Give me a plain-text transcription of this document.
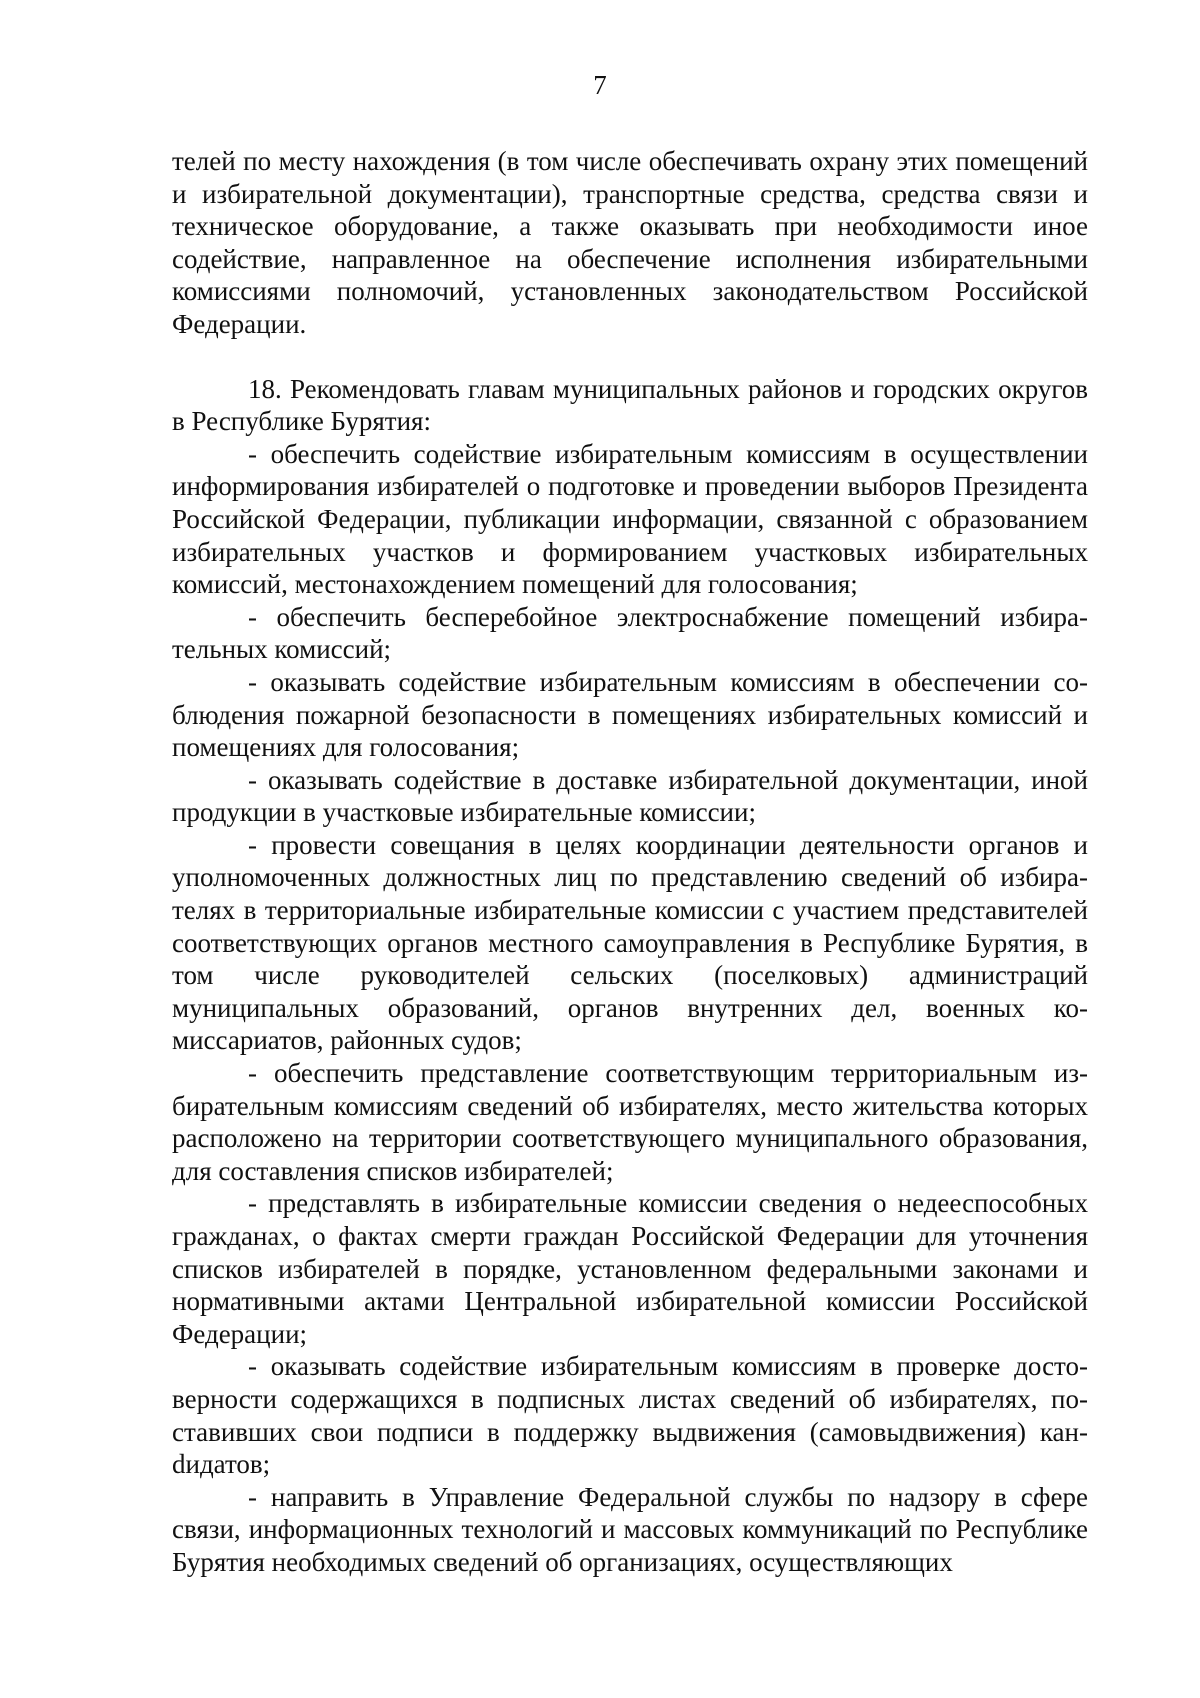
7

телей по месту нахождения (в том числе обеспечивать охрану этих помещений и избирательной документации), транспортные средства, средства связи и техническое оборудование, а также оказывать при необходимости иное содействие, направленное на обеспечение исполнения избирательными комиссиями полномочий, установленных законодательством Российской Федерации.

18. Рекомендовать главам муниципальных районов и городских округов в Республике Бурятия:

- обеспечить содействие избирательным комиссиям в осуществлении информирования избирателей о подготовке и проведении выборов Президента Российской Федерации, публикации информации, связанной с образованием избирательных участков и формированием участковых избирательных комиссий, местонахождением помещений для голосования;

- обеспечить бесперебойное электроснабжение помещений избирательных комиссий;

- оказывать содействие избирательным комиссиям в обеспечении соблюдения пожарной безопасности в помещениях избирательных комиссий и помещениях для голосования;

- оказывать содействие в доставке избирательной документации, иной продукции в участковые избирательные комиссии;

- провести совещания в целях координации деятельности органов и уполномоченных должностных лиц по представлению сведений об избирателях в территориальные избирательные комиссии с участием представителей соответствующих органов местного самоуправления в Республике Бурятия, в том числе руководителей сельских (поселковых) администраций муниципальных образований, органов внутренних дел, военных комиссариатов, районных судов;

- обеспечить представление соответствующим территориальным избирательным комиссиям сведений об избирателях, место жительства которых расположено на территории соответствующего муниципального образования, для составления списков избирателей;

- представлять в избирательные комиссии сведения о недееспособных гражданах, о фактах смерти граждан Российской Федерации для уточнения списков избирателей в порядке, установленном федеральными законами и нормативными актами Центральной избирательной комиссии Российской Федерации;

- оказывать содействие избирательным комиссиям в проверке достоверности содержащихся в подписных листах сведений об избирателях, поставивших свои подписи в поддержку выдвижения (самовыдвижения) канdидатов;

- направить в Управление Федеральной службы по надзору в сфере связи, информационных технологий и массовых коммуникаций по Республике Бурятия необходимых сведений об организациях, осуществляющих
